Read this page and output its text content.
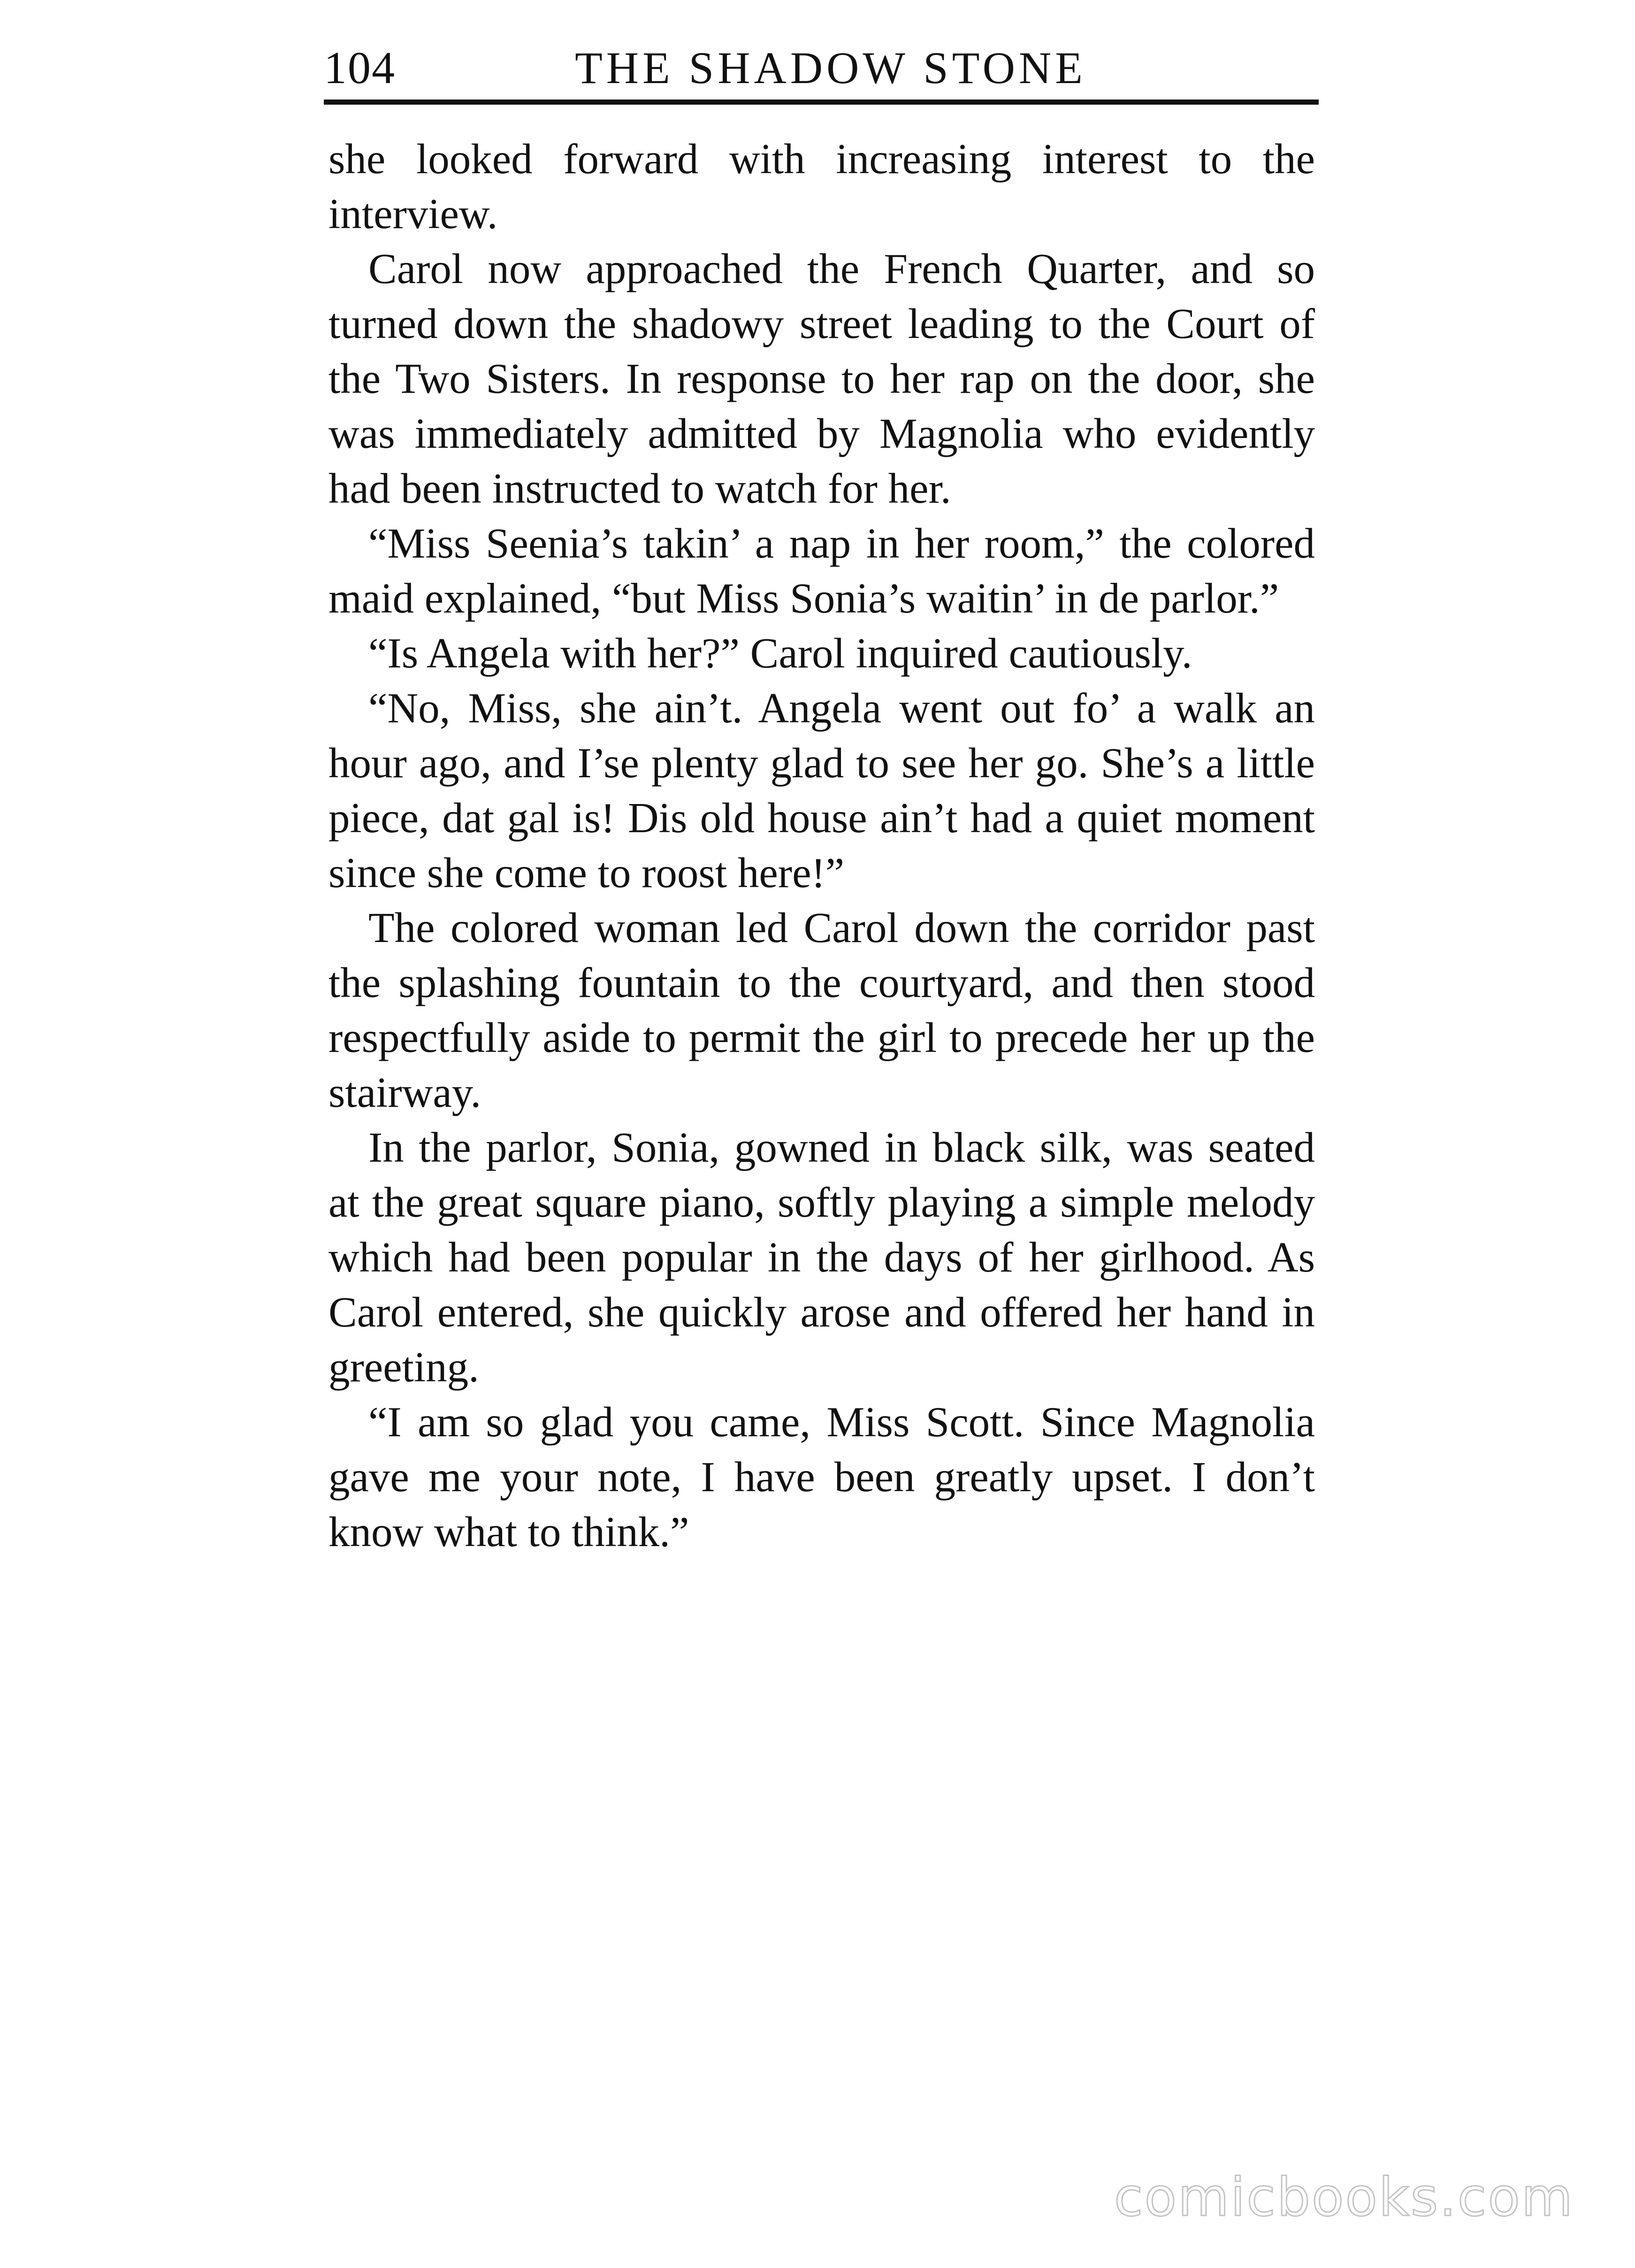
104	THE SHADOW STONE

she looked forward with increasing interest to the interview.

Carol now approached the French Quarter, and so turned down the shadowy street leading to the Court of the Two Sisters. In response to her rap on the door, she was immediately admitted by Magnolia who evidently had been instructed to watch for her.

“Miss Seenia’s takin’ a nap in her room,” the colored maid explained, “but Miss Sonia’s waitin’ in de parlor.”

“Is Angela with her?” Carol inquired cautiously.

“No, Miss, she ain’t. Angela went out fo’ a walk an hour ago, and I’se plenty glad to see her go. She’s a little piece, dat gal is! Dis old house ain’t had a quiet moment since she come to roost here!”

The colored woman led Carol down the corridor past the splashing fountain to the courtyard, and then stood respectfully aside to permit the girl to precede her up the stairway.

In the parlor, Sonia, gowned in black silk, was seated at the great square piano, softly playing a simple melody which had been popular in the days of her girlhood. As Carol entered, she quickly arose and offered her hand in greeting.

“I am so glad you came, Miss Scott. Since Magnolia gave me your note, I have been greatly upset. I don’t know what to think.”

comicbooks.com
